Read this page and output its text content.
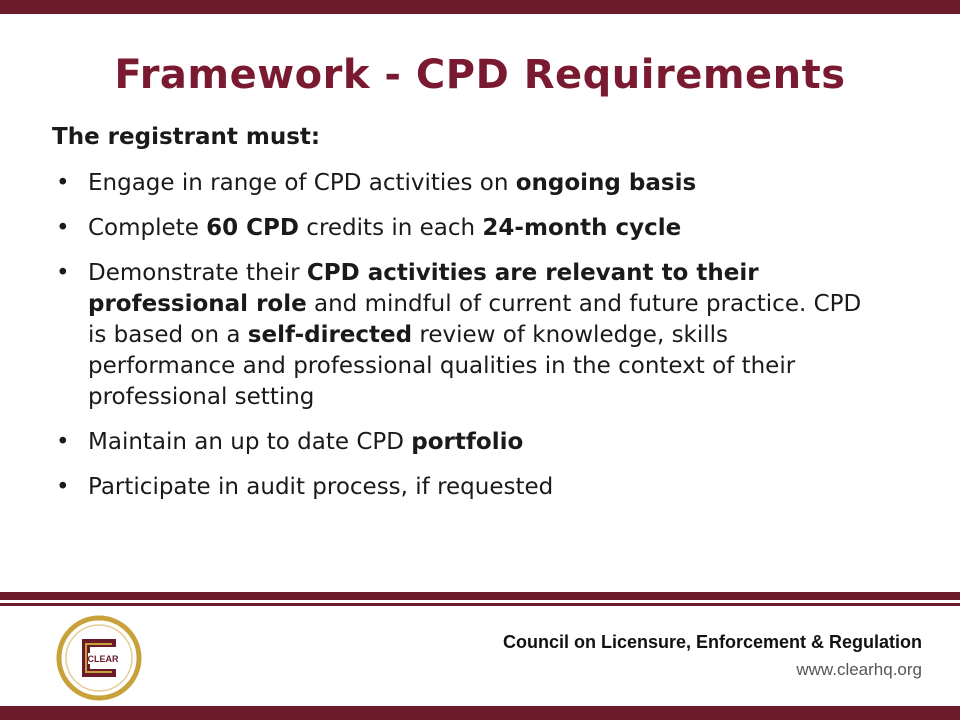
Framework - CPD Requirements
The registrant must:
• Engage in range of CPD activities on ongoing basis
• Complete 60 CPD credits in each 24-month cycle
• Demonstrate their CPD activities are relevant to their professional role and mindful of current and future practice. CPD is based on a self-directed review of knowledge, skills performance and professional qualities in the context of their professional setting
• Maintain an up to date CPD portfolio
• Participate in audit process, if requested
CLEAR
Council on Licensure, Enforcement & Regulation
www.clearhq.org
